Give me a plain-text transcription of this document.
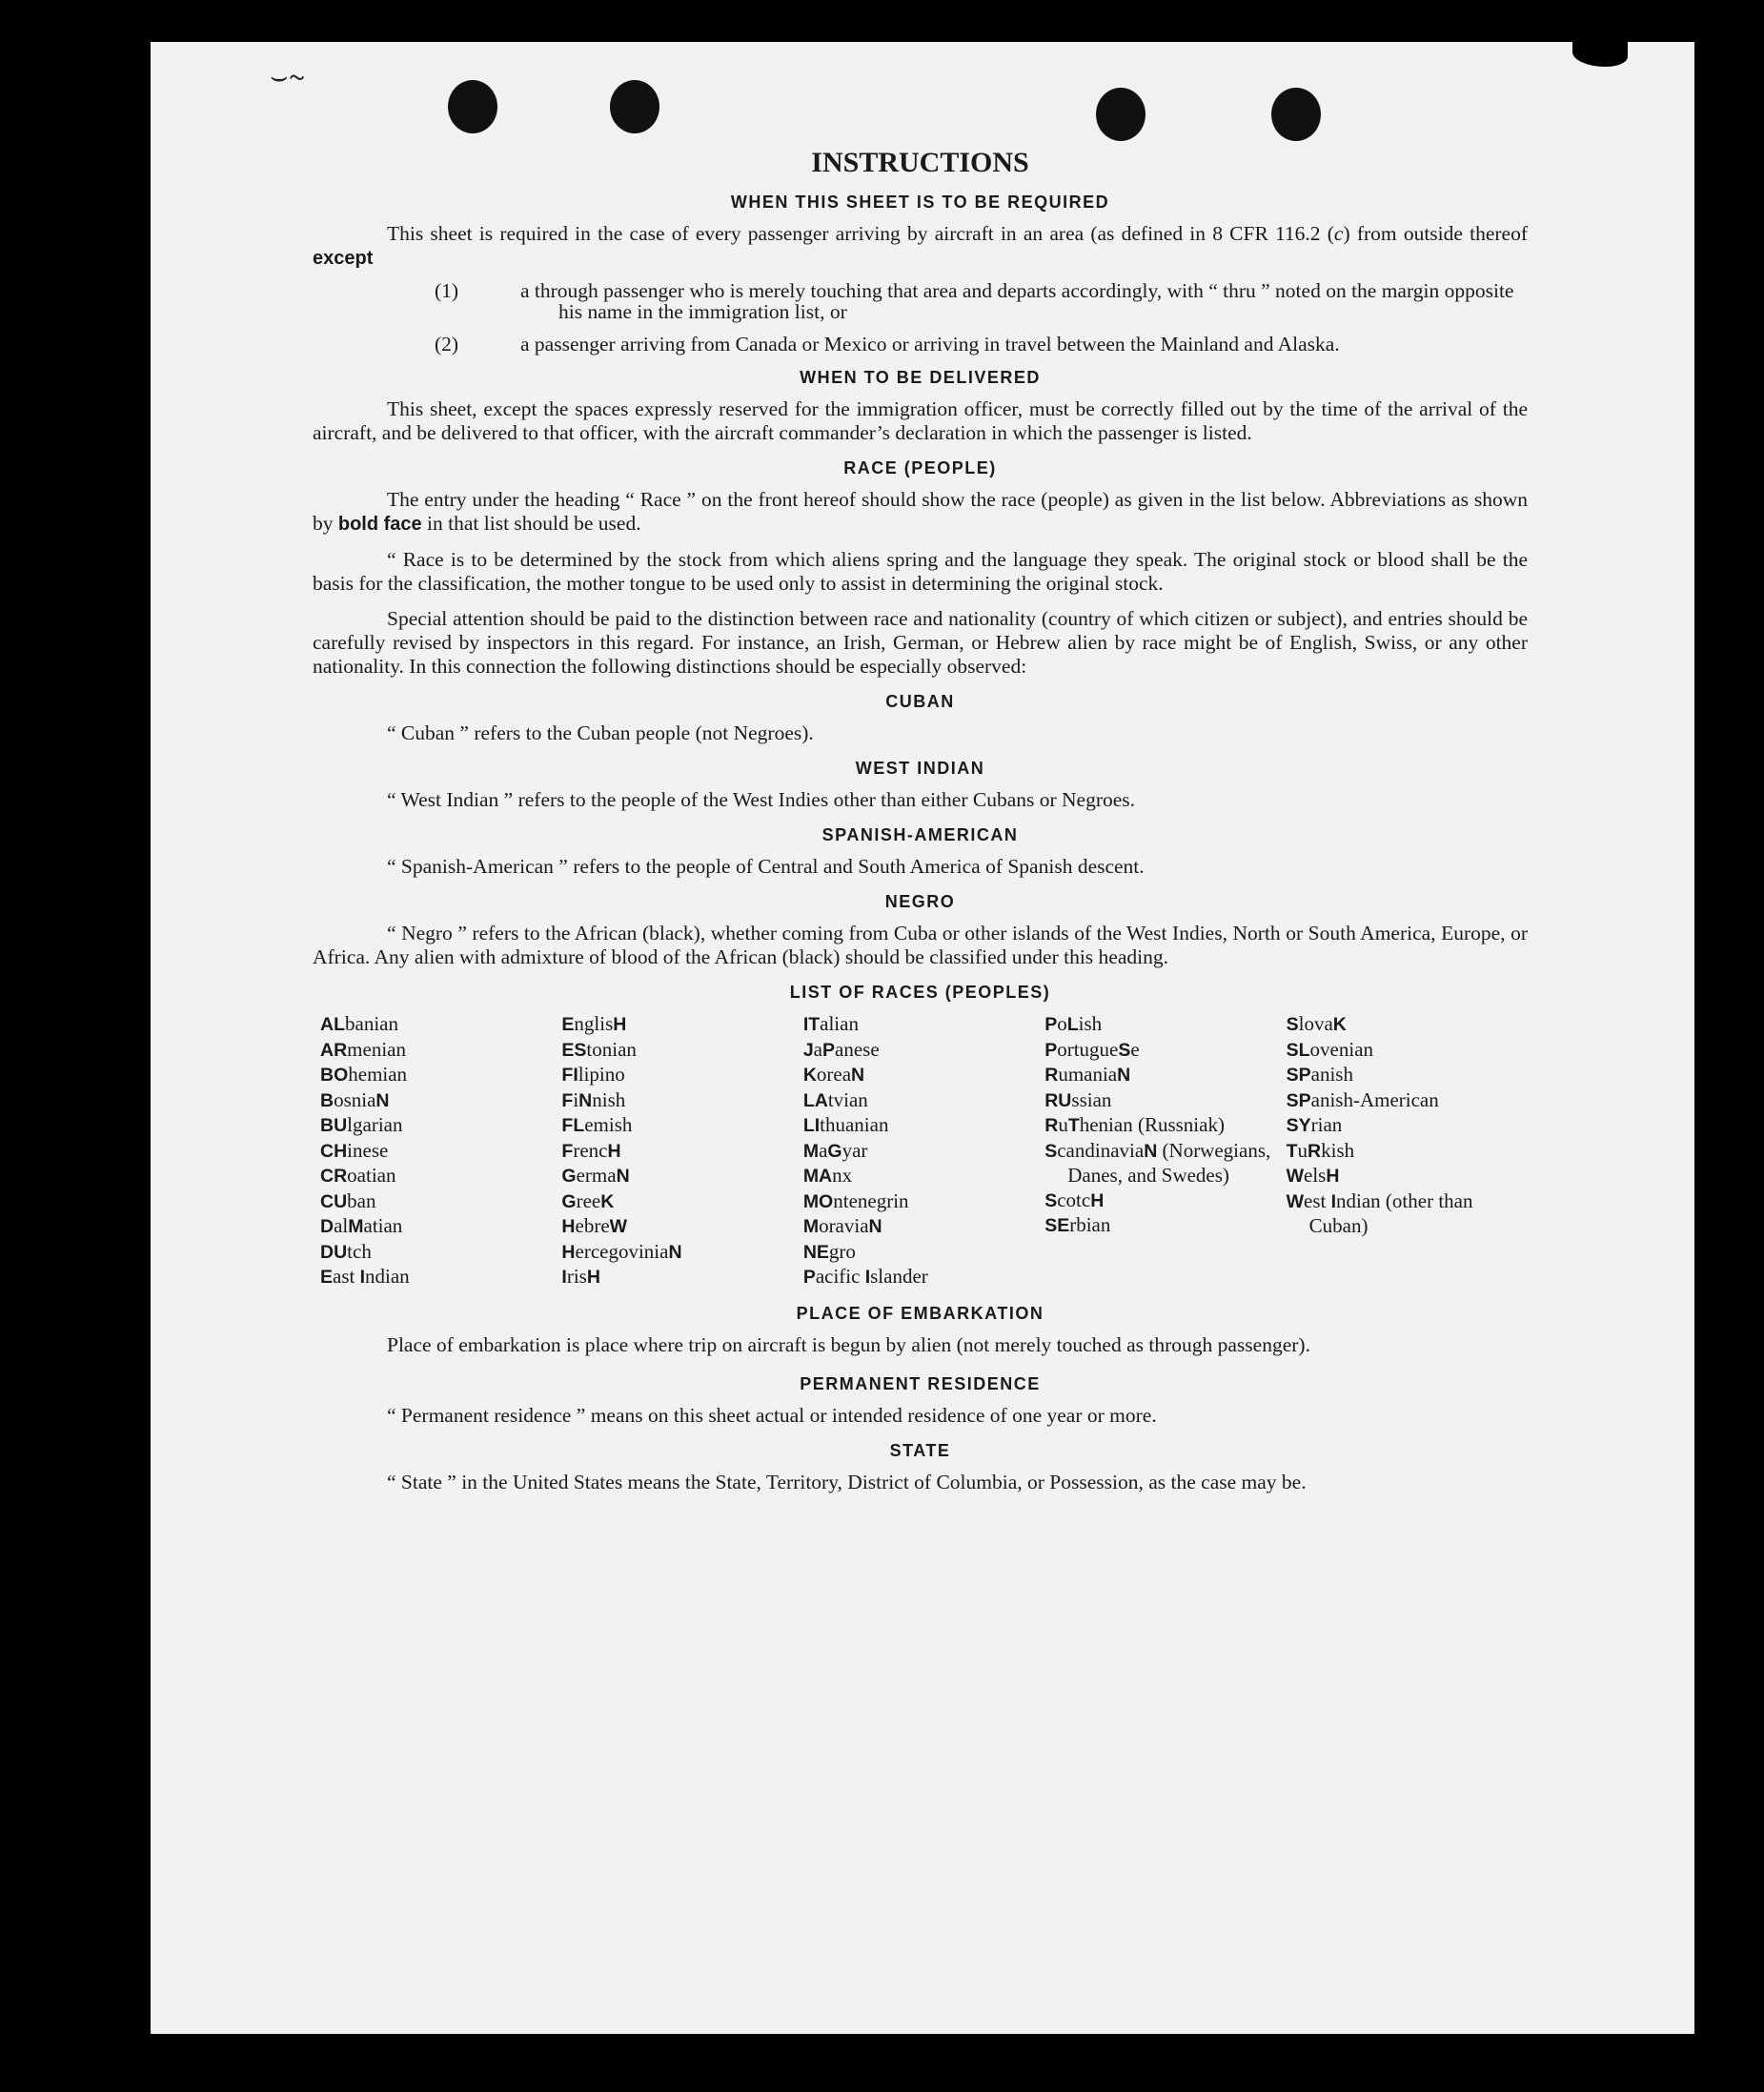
⌣∼
INSTRUCTIONS
WHEN THIS SHEET IS TO BE REQUIRED

This sheet is required in the case of every passenger arriving by aircraft in an area (as defined in 8 CFR 116.2 (c) from outside thereof except

(1)	a through passenger who is merely touching that area and departs accordingly, with “ thru ” noted on the margin opposite his name in the immigration list, or
(2)	a passenger arriving from Canada or Mexico or arriving in travel between the Mainland and Alaska.
WHEN TO BE DELIVERED

This sheet, except the spaces expressly reserved for the immigration officer, must be correctly filled out by the time of the arrival of the aircraft, and be delivered to that officer, with the aircraft commander’s declaration in which the passenger is listed.

RACE (PEOPLE)

The entry under the heading “ Race ” on the front hereof should show the race (people) as given in the list below. Abbreviations as shown by bold face in that list should be used.

“ Race is to be determined by the stock from which aliens spring and the language they speak. The original stock or blood shall be the basis for the classification, the mother tongue to be used only to assist in determining the original stock.

Special attention should be paid to the distinction between race and nationality (country of which citizen or subject), and entries should be carefully revised by inspectors in this regard. For instance, an Irish, German, or Hebrew alien by race might be of English, Swiss, or any other nationality. In this connection the following distinctions should be especially observed:

CUBAN

“ Cuban ” refers to the Cuban people (not Negroes).

WEST INDIAN

“ West Indian ” refers to the people of the West Indies other than either Cubans or Negroes.

SPANISH-AMERICAN

“ Spanish-American ” refers to the people of Central and South America of Spanish descent.

NEGRO

“ Negro ” refers to the African (black), whether coming from Cuba or other islands of the West Indies, North or South America, Europe, or Africa. Any alien with admixture of blood of the African (black) should be classified under this heading.

LIST OF RACES (PEOPLES)
ALbanian
ARmenian
BOhemian
BosniaN
BUlgarian
CHinese
CRoatian
CUban
DalMatian
DUtch
East Indian
EnglisH
EStonian
FIlipino
FiNnish
FLemish
FrencH
GermaN
GreeK
HebreW
HercegoviniaN
IrisH
ITalian
JaPanese
KoreaN
LAtvian
LIthuanian
MaGyar
MAnx
MOntenegrin
MoraviaN
NEgro
Pacific Islander
PoLish
PortugueSe
RumaniaN
RUssian
RuThenian (Russniak)
ScandinaviaN (Norwegians, Danes, and Swedes)
ScotcH
SErbian
SlovaK
SLovenian
SPanish
SPanish-American
SYrian
TuRkish
WelsH
West Indian (other than Cuban)
PLACE OF EMBARKATION

Place of embarkation is place where trip on aircraft is begun by alien (not merely touched as through passenger).

PERMANENT RESIDENCE

“ Permanent residence ” means on this sheet actual or intended residence of one year or more.

STATE

“ State ” in the United States means the State, Territory, District of Columbia, or Possession, as the case may be.
